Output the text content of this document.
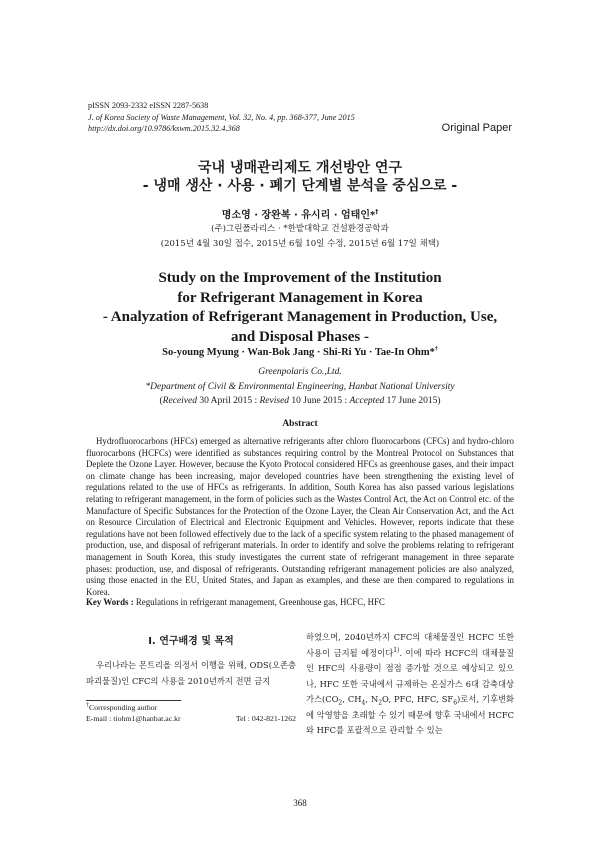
pISSN 2093-2332 eISSN 2287-5638
J. of Korea Society of Waste Management, Vol. 32, No. 4, pp. 368-377, June 2015
http://dx.doi.org/10.9786/kswm.2015.32.4.368	Original Paper
국내 냉매관리제도 개선방안 연구
- 냉매 생산 · 사용 · 폐기 단계별 분석을 중심으로 -
명소영 · 장완복 · 유시리 · 엄태인*†
(주)그린폴라리스 · *한밭대학교 건설환경공학과
(2015년 4월 30일 접수, 2015년 6월 10일 수정, 2015년 6월 17일 채택)
Study on the Improvement of the Institution
for Refrigerant Management in Korea
- Analyzation of Refrigerant Management in Production, Use,
and Disposal Phases -
So-young Myung · Wan-Bok Jang · Shi-Ri Yu · Tae-In Ohm*†
Greenpolaris Co.,Ltd.
*Department of Civil & Environmental Engineering, Hanbat National University
(Received 30 April 2015 : Revised 10 June 2015 : Accepted 17 June 2015)
Abstract
Hydrofluorocarbons (HFCs) emerged as alternative refrigerants after chloro fluorocarbons (CFCs) and hydro-chloro fluorocarbons (HCFCs) were identified as substances requiring control by the Montreal Protocol on Substances that Deplete the Ozone Layer. However, because the Kyoto Protocol considered HFCs as greenhouse gases, and their impact on climate change has been increasing, major developed countries have been strengthening the existing level of regulations related to the use of HFCs as refrigerants. In addition, South Korea has also passed various legislations relating to refrigerant management, in the form of policies such as the Wastes Control Act, the Act on Control etc. of the Manufacture of Specific Substances for the Protection of the Ozone Layer, the Clean Air Conservation Act, and the Act on Resource Circulation of Electrical and Electronic Equipment and Vehicles. However, reports indicate that these regulations have not been followed effectively due to the lack of a specific system relating to the phased management of production, use, and disposal of refrigerant materials. In order to identify and solve the problems relating to refrigerant management in South Korea, this study investigates the current state of refrigerant management in three separate phases: production, use, and disposal of refrigerants. Outstanding refrigerant management policies are also analyzed, using those enacted in the EU, United States, and Japan as examples, and these are then compared to regulations in Korea.
Key Words : Regulations in refrigerant management, Greenhouse gas, HCFC, HFC
I. 연구배경 및 목적
우리나라는 몬트리올 의정서 이행을 위해, ODS(오존층파괴물질)인 CFC의 사용을 2010년까지 전면 금지
하였으며, 2040년까지 CFC의 대체물질인 HCFC 또한 사용이 금지될 예정이다$^{1)}$. 이에 따라 HCFC의 대체물질인 HFC의 사용량이 점점 증가할 것으로 예상되고 있으나, HFC 또한 국내에서 규제하는 온실가스 6대 감축대상가스($CO_2$, $CH_4$, $N_2O$, PFC, HFC, $SF_6$)로서, 기후변화에 악영향을 초래할 수 있기 때문에 향후 국내에서 HCFC와 HFC를 포괄적으로 관리할 수 있는
†Corresponding author
E-mail : tiohm1@hanbat.ac.kr	Tel : 042-821-1262
368
